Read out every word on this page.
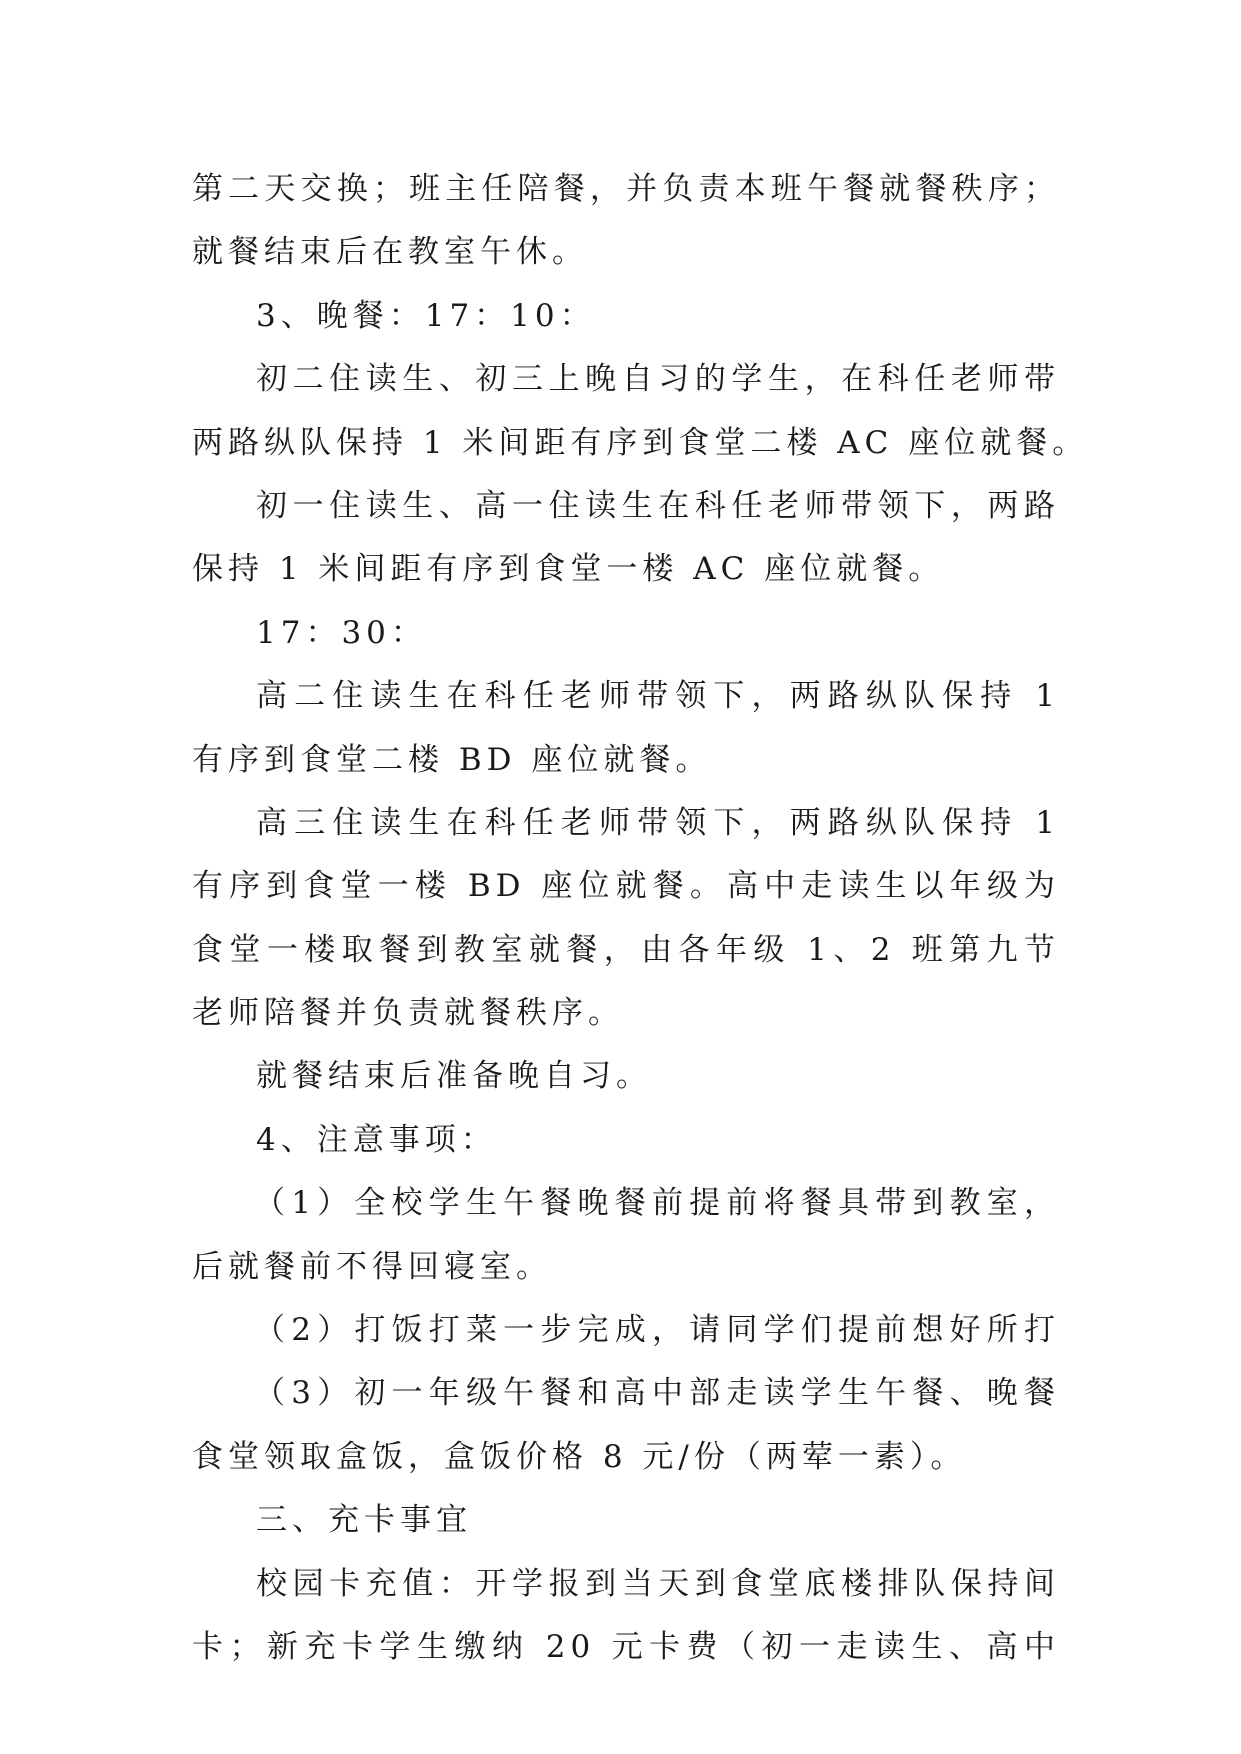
第二天交换；班主任陪餐，并负责本班午餐就餐秩序；
就餐结束后在教室午休。
3、晚餐：17：10：
初二住读生、初三上晚自习的学生，在科任老师带
两路纵队保持 1 米间距有序到食堂二楼 AC 座位就餐。
初一住读生、高一住读生在科任老师带领下，两路
保持 1 米间距有序到食堂一楼 AC 座位就餐。
17：30：
高二住读生在科任老师带领下，两路纵队保持 1
有序到食堂二楼 BD 座位就餐。
高三住读生在科任老师带领下，两路纵队保持 1
有序到食堂一楼 BD 座位就餐。高中走读生以年级为
食堂一楼取餐到教室就餐，由各年级 1、2 班第九节
老师陪餐并负责就餐秩序。
就餐结束后准备晚自习。
4、注意事项：
（1）全校学生午餐晚餐前提前将餐具带到教室，
后就餐前不得回寝室。
（2）打饭打菜一步完成，请同学们提前想好所打
（3）初一年级午餐和高中部走读学生午餐、晚餐
食堂领取盒饭，盒饭价格 8 元/份（两荤一素）。
三、充卡事宜
校园卡充值：开学报到当天到食堂底楼排队保持间
卡；新充卡学生缴纳 20 元卡费（初一走读生、高中
